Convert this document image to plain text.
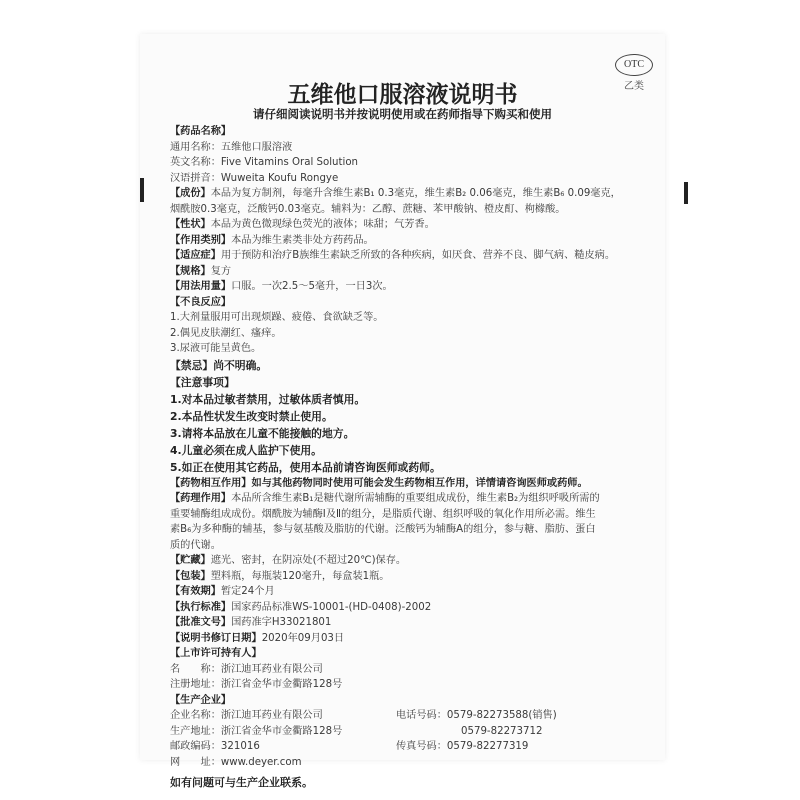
OTC
乙类
五维他口服溶液说明书
请仔细阅读说明书并按说明使用或在药师指导下购买和使用
【药品名称】
通用名称：五维他口服溶液
英文名称：Five Vitamins Oral Solution
汉语拼音：Wuweita Koufu Rongye
【成份】本品为复方制剂，每毫升含维生素B₁ 0.3毫克，维生素B₂ 0.06毫克，维生素B₆ 0.09毫克，
烟酰胺0.3毫克，泛酸钙0.03毫克。辅料为：乙醇、蔗糖、苯甲酸钠、橙皮酊、枸橼酸。
【性状】本品为黄色微现绿色荧光的液体；味甜；气芳香。
【作用类别】本品为维生素类非处方药药品。
【适应症】用于预防和治疗B族维生素缺乏所致的各种疾病，如厌食、营养不良、脚气病、糙皮病。
【规格】复方
【用法用量】口服。一次2.5～5毫升，一日3次。
【不良反应】
1.大剂量服用可出现烦躁、疲倦、食欲缺乏等。
2.偶见皮肤潮红、瘙痒。
3.尿液可能呈黄色。
【禁忌】尚不明确。
【注意事项】
1.对本品过敏者禁用，过敏体质者慎用。
2.本品性状发生改变时禁止使用。
3.请将本品放在儿童不能接触的地方。
4.儿童必须在成人监护下使用。
5.如正在使用其它药品，使用本品前请咨询医师或药师。
【药物相互作用】如与其他药物同时使用可能会发生药物相互作用，详情请咨询医师或药师。
【药理作用】本品所含维生素B₁是糖代谢所需辅酶的重要组成成份，维生素B₂为组织呼吸所需的
重要辅酶组成成份。烟酰胺为辅酶Ⅰ及Ⅱ的组分，是脂质代谢、组织呼吸的氧化作用所必需。维生
素B₆为多种酶的辅基，参与氨基酸及脂肪的代谢。泛酸钙为辅酶A的组分，参与糖、脂肪、蛋白
质的代谢。
【贮藏】遮光、密封，在阴凉处(不超过20℃)保存。
【包装】塑料瓶，每瓶装120毫升，每盒装1瓶。
【有效期】暂定24个月
【执行标准】国家药品标准WS-10001-(HD-0408)-2002
【批准文号】国药准字H33021801
【说明书修订日期】2020年09月03日
【上市许可持有人】
名　　称：浙江迪耳药业有限公司
注册地址：浙江省金华市金衢路128号
【生产企业】
企业名称：浙江迪耳药业有限公司	电话号码：0579-82273588(销售)
生产地址：浙江省金华市金衢路128号	0579-82273712
邮政编码：321016	传真号码：0579-82277319
网　　址：www.deyer.com
如有问题可与生产企业联系。
